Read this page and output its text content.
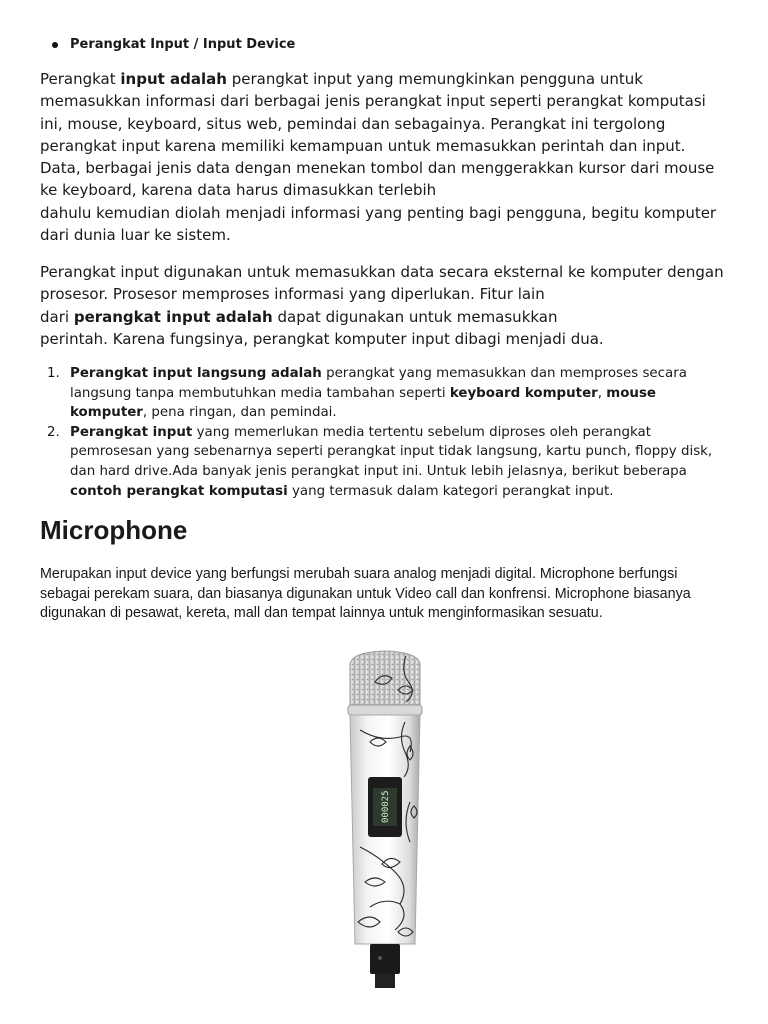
Perangkat Input / Input Device

Perangkat input adalah perangkat input yang memungkinkan pengguna untuk memasukkan informasi dari berbagai jenis perangkat input seperti perangkat komputasi ini, mouse, keyboard, situs web, pemindai dan sebagainya. Perangkat ini tergolong perangkat input karena memiliki kemampuan untuk memasukkan perintah dan input. Data, berbagai jenis data dengan menekan tombol dan menggerakkan kursor dari mouse ke keyboard, karena data harus dimasukkan terlebih
dahulu kemudian diolah menjadi informasi yang penting bagi pengguna, begitu komputer dari dunia luar ke sistem.

Perangkat input digunakan untuk memasukkan data secara eksternal ke komputer dengan prosesor. Prosesor memproses informasi yang diperlukan. Fitur lain
dari perangkat input adalah dapat digunakan untuk memasukkan
perintah. Karena fungsinya, perangkat komputer input dibagi menjadi dua.

1. Perangkat input langsung adalah perangkat yang memasukkan dan memproses secara langsung tanpa membutuhkan media tambahan seperti keyboard komputer, mouse komputer, pena ringan, dan pemindai.
2. Perangkat input yang memerlukan media tertentu sebelum diproses oleh perangkat pemrosesan yang sebenarnya seperti perangkat input tidak langsung, kartu punch, floppy disk, dan hard drive.Ada banyak jenis perangkat input ini. Untuk lebih jelasnya, berikut beberapa contoh perangkat komputasi yang termasuk dalam kategori perangkat input.
Microphone

Merupakan input device yang berfungsi merubah suara analog menjadi digital. Microphone berfungsi sebagai perekam suara, dan biasanya digunakan untuk Video call dan konfrensi. Microphone biasanya digunakan di pesawat, kereta, mall dan tempat lainnya untuk menginformasikan sesuatu.

000025
